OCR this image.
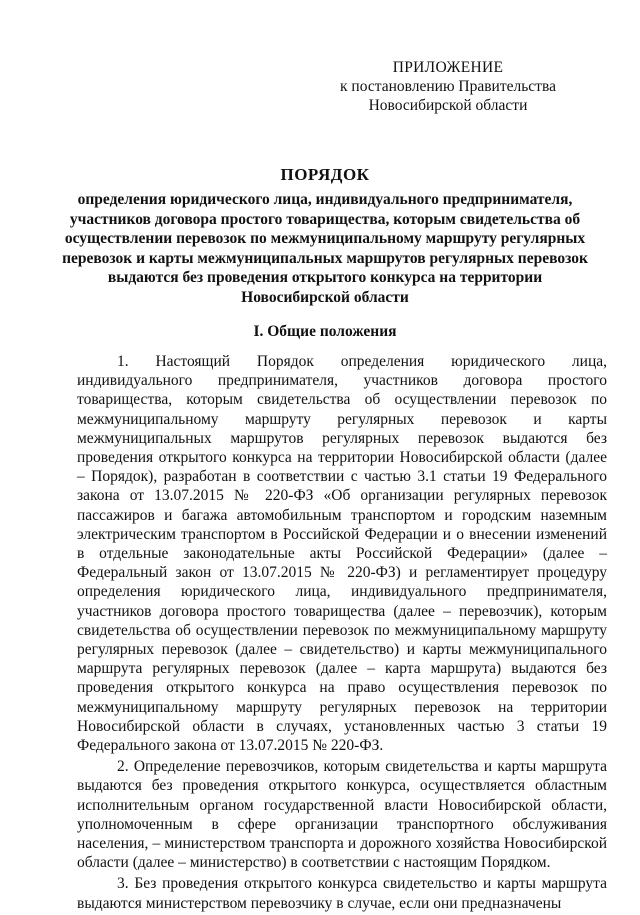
ПРИЛОЖЕНИЕ
к постановлению Правительства
Новосибирской области
ПОРЯДОК
определения юридического лица, индивидуального предпринимателя, участников договора простого товарищества, которым свидетельства об осуществлении перевозок по межмуниципальному маршруту регулярных перевозок и карты межмуниципальных маршрутов регулярных перевозок выдаются без проведения открытого конкурса на территории Новосибирской области
I. Общие положения

1. Настоящий Порядок определения юридического лица, индивидуального предпринимателя, участников договора простого товарищества, которым свидетельства об осуществлении перевозок по межмуниципальному маршруту регулярных перевозок и карты межмуниципальных маршрутов регулярных перевозок выдаются без проведения открытого конкурса на территории Новосибирской области (далее – Порядок), разработан в соответствии с частью 3.1 статьи 19 Федерального закона от 13.07.2015 № 220-ФЗ «Об организации регулярных перевозок пассажиров и багажа автомобильным транспортом и городским наземным электрическим транспортом в Российской Федерации и о внесении изменений в отдельные законодательные акты Российской Федерации» (далее – Федеральный закон от 13.07.2015 № 220-ФЗ) и регламентирует процедуру определения юридического лица, индивидуального предпринимателя, участников договора простого товарищества (далее – перевозчик), которым свидетельства об осуществлении перевозок по межмуниципальному маршруту регулярных перевозок (далее – свидетельство) и карты межмуниципального маршрута регулярных перевозок (далее – карта маршрута) выдаются без проведения открытого конкурса на право осуществления перевозок по межмуниципальному маршруту регулярных перевозок на территории Новосибирской области в случаях, установленных частью 3 статьи 19 Федерального закона от 13.07.2015 № 220-ФЗ.

2. Определение перевозчиков, которым свидетельства и карты маршрута выдаются без проведения открытого конкурса, осуществляется областным исполнительным органом государственной власти Новосибирской области, уполномоченным в сфере организации транспортного обслуживания населения, – министерством транспорта и дорожного хозяйства Новосибирской области (далее – министерство) в соответствии с настоящим Порядком.

3. Без проведения открытого конкурса свидетельство и карты маршрута выдаются министерством перевозчику в случае, если они предназначены
